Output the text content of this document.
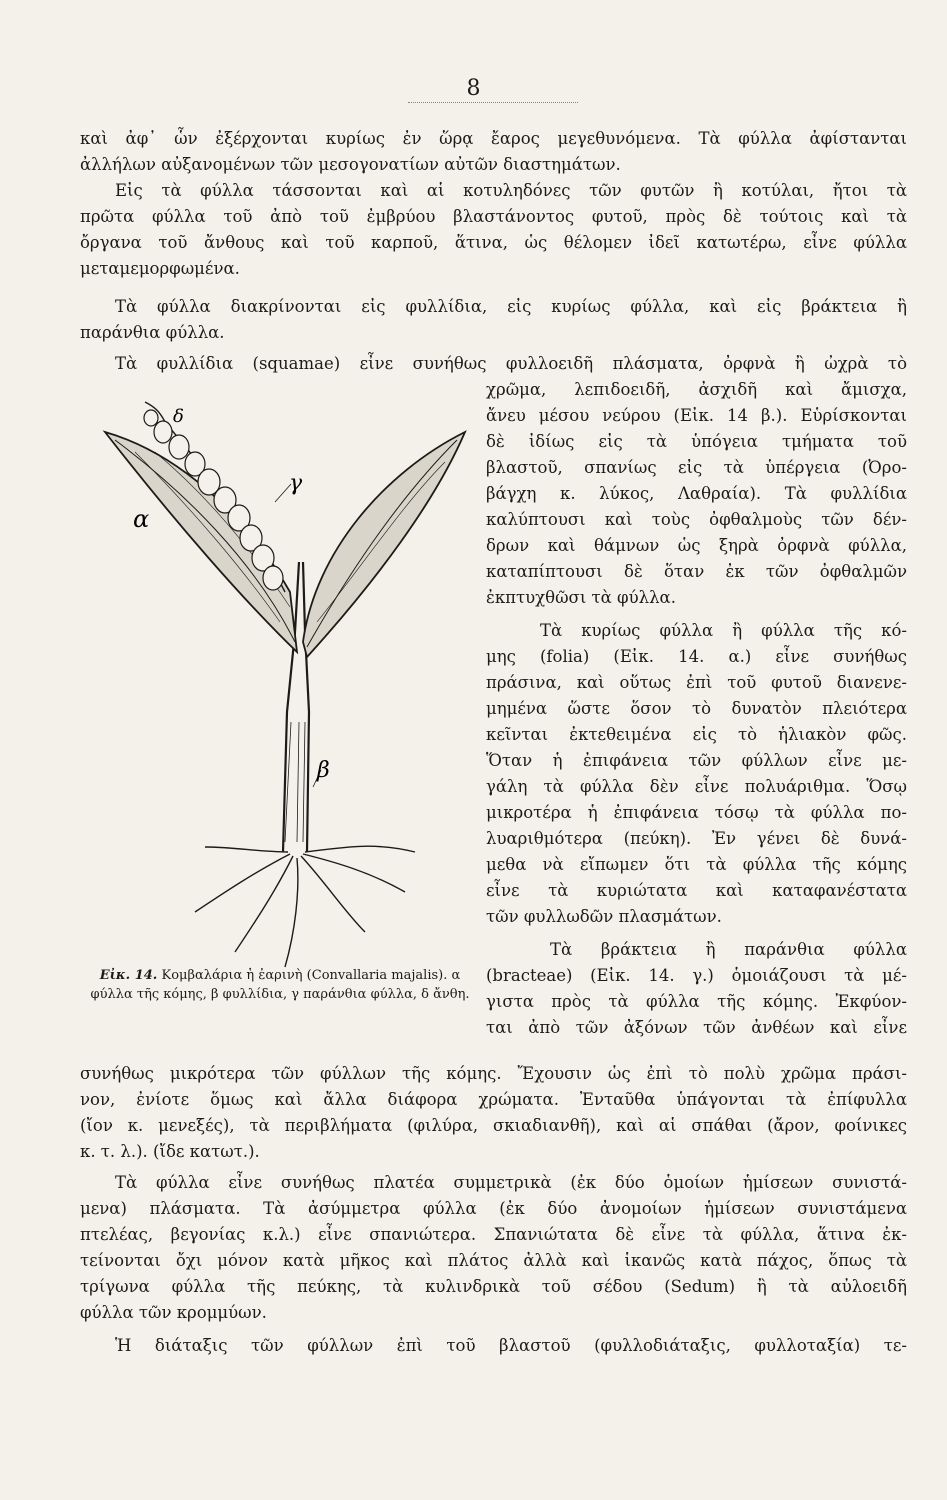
8
καὶ ἀφ᾽ ὧν ἐξέρχονται κυρίως ἐν ὥρᾳ ἔαρος μεγεθυνόμενα. Τὰ φύλλα ἀφίστανται
ἀλλήλων αὐξανομένων τῶν μεσογονατίων αὐτῶν διαστημάτων.
Εἰς τὰ φύλλα τάσσονται καὶ αἱ κοτυληδόνες τῶν φυτῶν ἢ κοτύλαι, ἤτοι τὰ
πρῶτα φύλλα τοῦ ἀπὸ τοῦ ἐμβρύου βλαστάνοντος φυτοῦ, πρὸς δὲ τούτοις καὶ τὰ
ὄργανα τοῦ ἄνθους καὶ τοῦ καρποῦ, ἅτινα, ὡς θέλομεν ἰδεῖ κατωτέρω, εἶνε φύλλα
μεταμεμορφωμένα.
Τὰ φύλλα διακρίνονται εἰς φυλλίδια, εἰς κυρίως φύλλα, καὶ εἰς βράκτεια ἢ
παράνθια φύλλα.
Τὰ φυλλίδια (squamae) εἶνε συνήθως φυλλοειδῆ πλάσματα, ὀρφνὰ ἢ ὠχρὰ τὸ
χρῶμα, λεπιδοειδῆ, ἀσχιδῆ καὶ ἄμισχα,
ἄνευ μέσου νεύρου (Εἰκ. 14 β.). Εὑρίσκονται
δὲ ἰδίως εἰς τὰ ὑπόγεια τμήματα τοῦ
βλαστοῦ, σπανίως εἰς τὰ ὑπέργεια (Ὀρο-
βάγχη κ. λύκος, Λαθραία). Τὰ φυλλίδια
καλύπτουσι καὶ τοὺς ὀφθαλμοὺς τῶν δέν-
δρων καὶ θάμνων ὡς ξηρὰ ὀρφνὰ φύλλα,
καταπίπτουσι δὲ ὅταν ἐκ τῶν ὀφθαλμῶν
ἐκπτυχθῶσι τὰ φύλλα.
Τὰ κυρίως φύλλα ἢ φύλλα τῆς κό-
μης (folia) (Εἰκ. 14. α.) εἶνε συνήθως
πράσινα, καὶ οὕτως ἐπὶ τοῦ φυτοῦ διανενε-
μημένα ὥστε ὅσον τὸ δυνατὸν πλειότερα
κεῖνται ἐκτεθειμένα εἰς τὸ ἡλιακὸν φῶς.
Ὅταν ἡ ἐπιφάνεια τῶν φύλλων εἶνε με-
γάλη τὰ φύλλα δὲν εἶνε πολυάριθμα. Ὅσῳ
μικροτέρα ἡ ἐπιφάνεια τόσῳ τὰ φύλλα πο-
λυαριθμότερα (πεύκη). Ἐν γένει δὲ δυνά-
μεθα νὰ εἴπωμεν ὅτι τὰ φύλλα τῆς κόμης
εἶνε τὰ κυριώτατα καὶ καταφανέστατα
τῶν φυλλωδῶν πλασμάτων.
Τὰ βράκτεια ἢ παράνθια φύλλα
(bracteae) (Εἰκ. 14. γ.) ὁμοιάζουσι τὰ μέ-
γιστα πρὸς τὰ φύλλα τῆς κόμης. Ἐκφύον-
ται ἀπὸ τῶν ἀξόνων τῶν ἀνθέων καὶ εἶνε
α
γ
β
δ
Εἰκ. 14. Κομβαλάρια ἡ ἐαρινὴ (Convallaria majalis). α φύλλα τῆς κόμης, β φυλλίδια, γ παράνθια φύλλα, δ ἄνθη.
συνήθως μικρότερα τῶν φύλλων τῆς κόμης. Ἔχουσιν ὡς ἐπὶ τὸ πολὺ χρῶμα πράσι-
νον, ἐνίοτε ὅμως καὶ ἄλλα διάφορα χρώματα. Ἐνταῦθα ὑπάγονται τὰ ἐπίφυλλα
(ἴον κ. μενεξές), τὰ περιβλήματα (φιλύρα, σκιαδιανθῆ), καὶ αἱ σπάθαι (ἄρον, φοίνικες
κ. τ. λ.). (ἴδε κατωτ.).
Τὰ φύλλα εἶνε συνήθως πλατέα συμμετρικὰ (ἐκ δύο ὁμοίων ἡμίσεων συνιστά-
μενα) πλάσματα. Τὰ ἀσύμμετρα φύλλα (ἐκ δύο ἀνομοίων ἡμίσεων συνιστάμενα
πτελέας, βεγονίας κ.λ.) εἶνε σπανιώτερα. Σπανιώτατα δὲ εἶνε τὰ φύλλα, ἅτινα ἐκ-
τείνονται ὄχι μόνον κατὰ μῆκος καὶ πλάτος ἀλλὰ καὶ ἱκανῶς κατὰ πάχος, ὅπως τὰ
τρίγωνα φύλλα τῆς πεύκης, τὰ κυλινδρικὰ τοῦ σέδου (Sedum) ἢ τὰ αὐλοειδῆ
φύλλα τῶν κρομμύων.
Ἡ διάταξις τῶν φύλλων ἐπὶ τοῦ βλαστοῦ (φυλλοδιάταξις, φυλλοταξία) τε-
